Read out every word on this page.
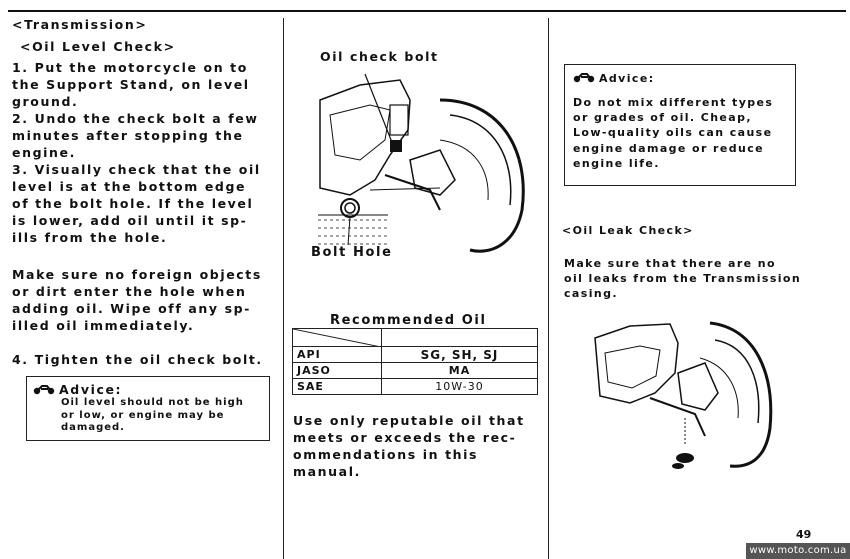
<Transmission>
<Oil Level Check>
1. Put the motorcycle on to
the Support Stand, on level
ground.
2. Undo the check bolt a few
minutes after stopping the
engine.
3. Visually check that the oil
level is at the bottom edge
of the bolt hole. If the level
is lower, add oil until it sp-
ills from the hole.
Make sure no foreign objects
or dirt enter the hole when
adding oil. Wipe off any sp-
illed oil immediately.
4. Tighten the oil check bolt.
Advice:
Oil level should not be high
or low, or engine may be
damaged.
Oil check bolt
Bolt Hole
Recommended Oil

API	SG, SH, SJ
JASO	MA
SAE	10W-30
Use only reputable oil that
meets or exceeds the rec-
ommendations in this
manual.
Advice:
Do not mix different types
or grades of oil. Cheap,
Low-quality oils can cause
engine damage or reduce
engine life.
<Oil Leak Check>
Make sure that there are no
oil leaks from the Transmission
casing.
49
www.moto.com.ua
